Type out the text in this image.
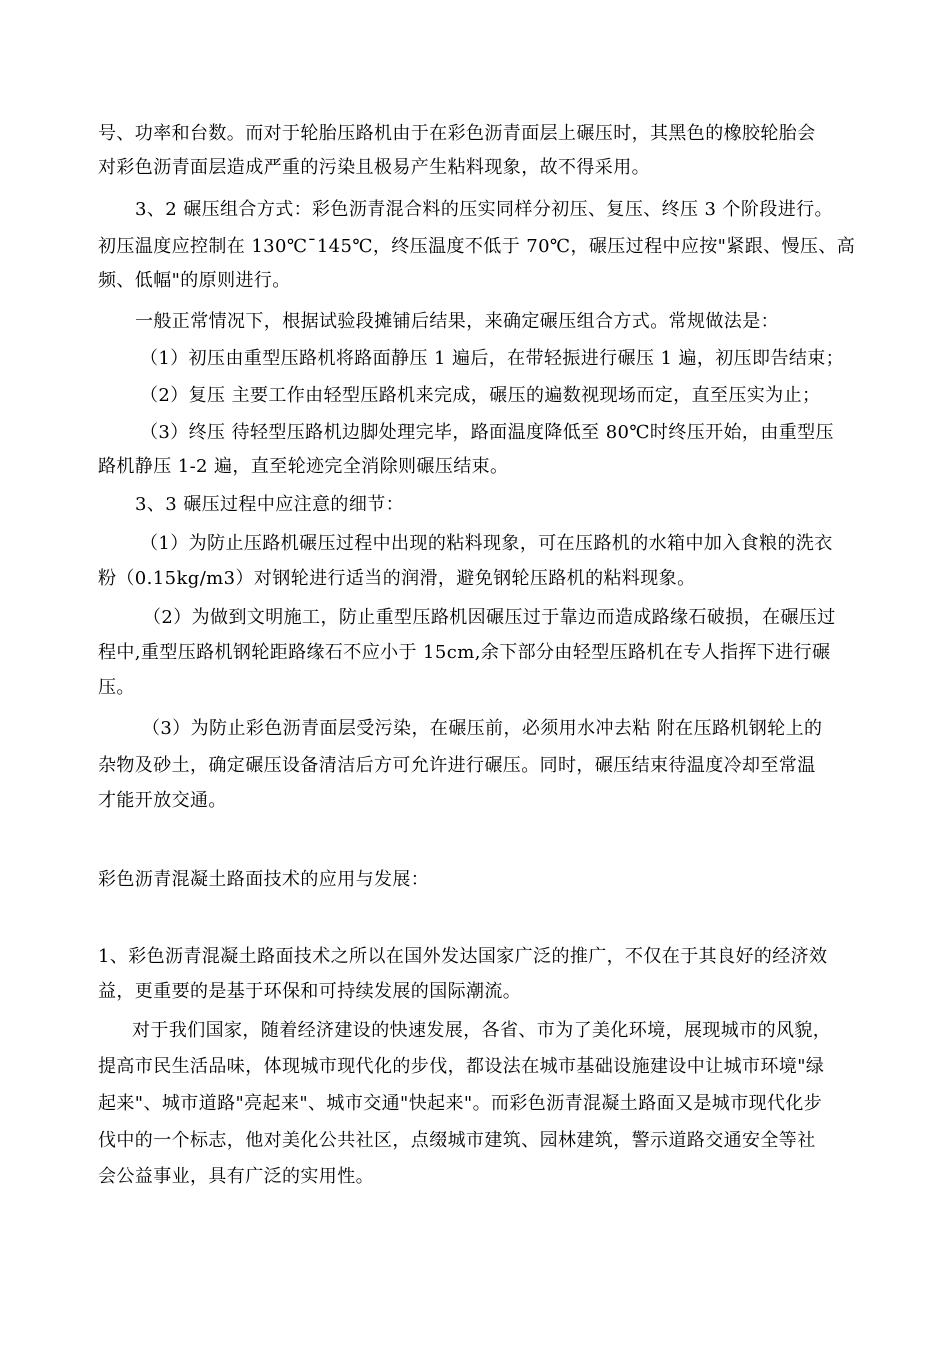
号、功率和台数。而对于轮胎压路机由于在彩色沥青面层上碾压时，其黑色的橡胶轮胎会
对彩色沥青面层造成严重的污染且极易产生粘料现象，故不得采用。
3、2 碾压组合方式：彩色沥青混合料的压实同样分初压、复压、终压 3 个阶段进行。
初压温度应控制在 130℃¯145℃，终压温度不低于 70℃，碾压过程中应按"紧跟、慢压、高
频、低幅"的原则进行。
一般正常情况下，根据试验段摊铺后结果，来确定碾压组合方式。常规做法是：
（1）初压由重型压路机将路面静压 1 遍后，在带轻振进行碾压 1 遍，初压即告结束；
（2）复压 主要工作由轻型压路机来完成，碾压的遍数视现场而定，直至压实为止；
（3）终压 待轻型压路机边脚处理完毕，路面温度降低至 80℃时终压开始，由重型压
路机静压 1-2 遍，直至轮迹完全消除则碾压结束。
3、3 碾压过程中应注意的细节：
（1）为防止压路机碾压过程中出现的粘料现象，可在压路机的水箱中加入食粮的洗衣
粉（0.15kg/m3）对钢轮进行适当的润滑，避免钢轮压路机的粘料现象。
（2）为做到文明施工，防止重型压路机因碾压过于靠边而造成路缘石破损，在碾压过
程中,重型压路机钢轮距路缘石不应小于 15cm,余下部分由轻型压路机在专人指挥下进行碾
压。
（3）为防止彩色沥青面层受污染，在碾压前，必须用水冲去粘 附在压路机钢轮上的
杂物及砂土，确定碾压设备清洁后方可允许进行碾压。同时，碾压结束待温度冷却至常温
才能开放交通。
彩色沥青混凝土路面技术的应用与发展：
1、彩色沥青混凝土路面技术之所以在国外发达国家广泛的推广，不仅在于其良好的经济效
益，更重要的是基于环保和可持续发展的国际潮流。
对于我们国家，随着经济建设的快速发展，各省、市为了美化环境，展现城市的风貌，
提高市民生活品味，体现城市现代化的步伐，都设法在城市基础设施建设中让城市环境"绿
起来"、城市道路"亮起来"、城市交通"快起来"。而彩色沥青混凝土路面又是城市现代化步
伐中的一个标志，他对美化公共社区，点缀城市建筑、园林建筑，警示道路交通安全等社
会公益事业，具有广泛的实用性。
